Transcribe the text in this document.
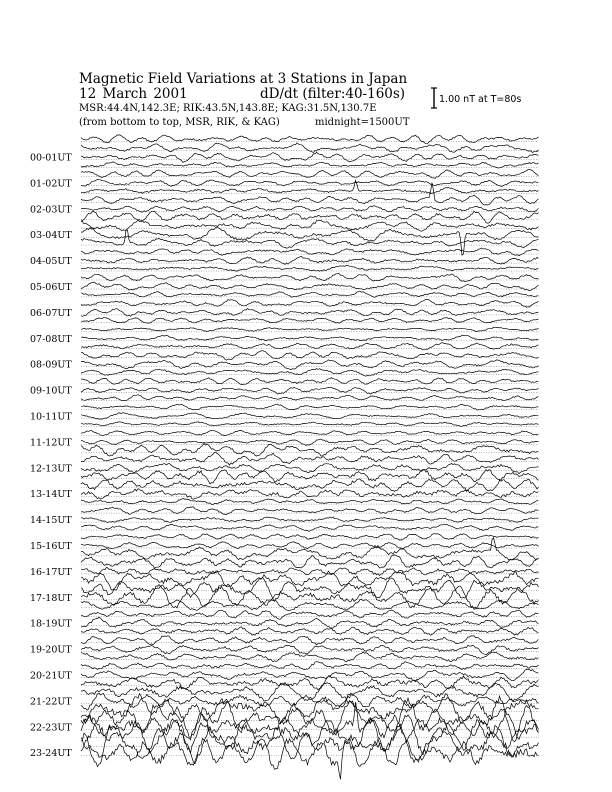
Magnetic Field Variations at 3 Stations in Japan
12 March 2001	dD/dt (filter:40-160s)
MSR:44.4N,142.3E; RIK:43.5N,143.8E; KAG:31.5N,130.7E
(from bottom to top, MSR, RIK, & KAG)	midnight=1500UT
1.00 nT at T=80s
00-01UT
01-02UT
02-03UT
03-04UT
04-05UT
05-06UT
06-07UT
07-08UT
08-09UT
09-10UT
10-11UT
11-12UT
12-13UT
13-14UT
14-15UT
15-16UT
16-17UT
17-18UT
18-19UT
19-20UT
20-21UT
21-22UT
22-23UT
23-24UT
